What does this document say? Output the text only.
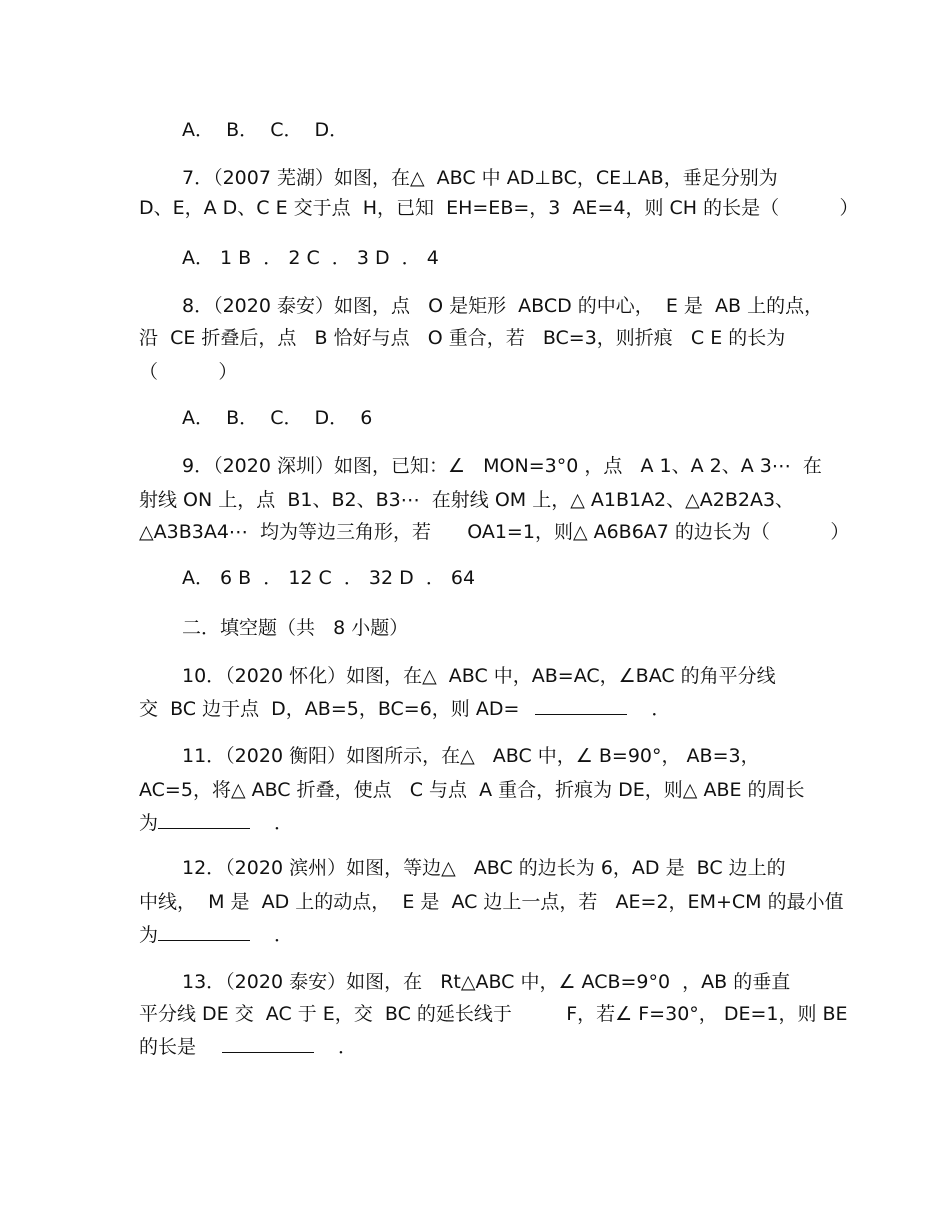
A．  B．  C．  D．
7．（2007 芜湖）如图，在△  ABC 中 AD⊥BC，CE⊥AB，垂足分别为
D、E，A D、C E 交于点  H，已知  EH=EB=，3  AE=4，则 CH 的长是（          ）
A． 1 B  ． 2 C  ． 3 D  ． 4
8．（2020 泰安）如图，点   O 是矩形  ABCD 的中心，  E 是  AB 上的点，
沿  CE 折叠后，点   B 恰好与点   O 重合，若   BC=3，则折痕   C E 的长为
（          ）
A．  B．  C．  D．  6
9．（2020 深圳）如图，已知：∠   MON=3°0 ，点   A 1、A 2、A 3⋯  在
射线 ON 上，点  B1、B2、B3⋯  在射线 OM 上，△ A1B1A2、△A2B2A3、
△A3B3A4⋯  均为等边三角形，若      OA1=1，则△ A6B6A7 的边长为（          ）
A． 6 B  ． 12 C  ． 32 D  ． 64
二．填空题（共   8 小题）
10．（2020 怀化）如图，在△  ABC 中，AB=AC，∠BAC 的角平分线
交  BC 边于点  D，AB=5，BC=6，则 AD=	．
11．（2020 衡阳）如图所示，在△   ABC 中，∠ B=90°， AB=3，
AC=5，将△ ABC 折叠，使点   C 与点  A 重合，折痕为 DE，则△ ABE 的周长
为	．
12．（2020 滨州）如图，等边△   ABC 的边长为 6，AD 是  BC 边上的
中线，  M 是  AD 上的动点，  E 是  AC 边上一点，若   AE=2，EM+CM 的最小值
为	．
13．（2020 泰安）如图，在   Rt△ABC 中，∠ ACB=9°0  ，AB 的垂直
平分线 DE 交  AC 于 E，交  BC 的延长线于         F，若∠ F=30°， DE=1，则 BE
的长是	．
